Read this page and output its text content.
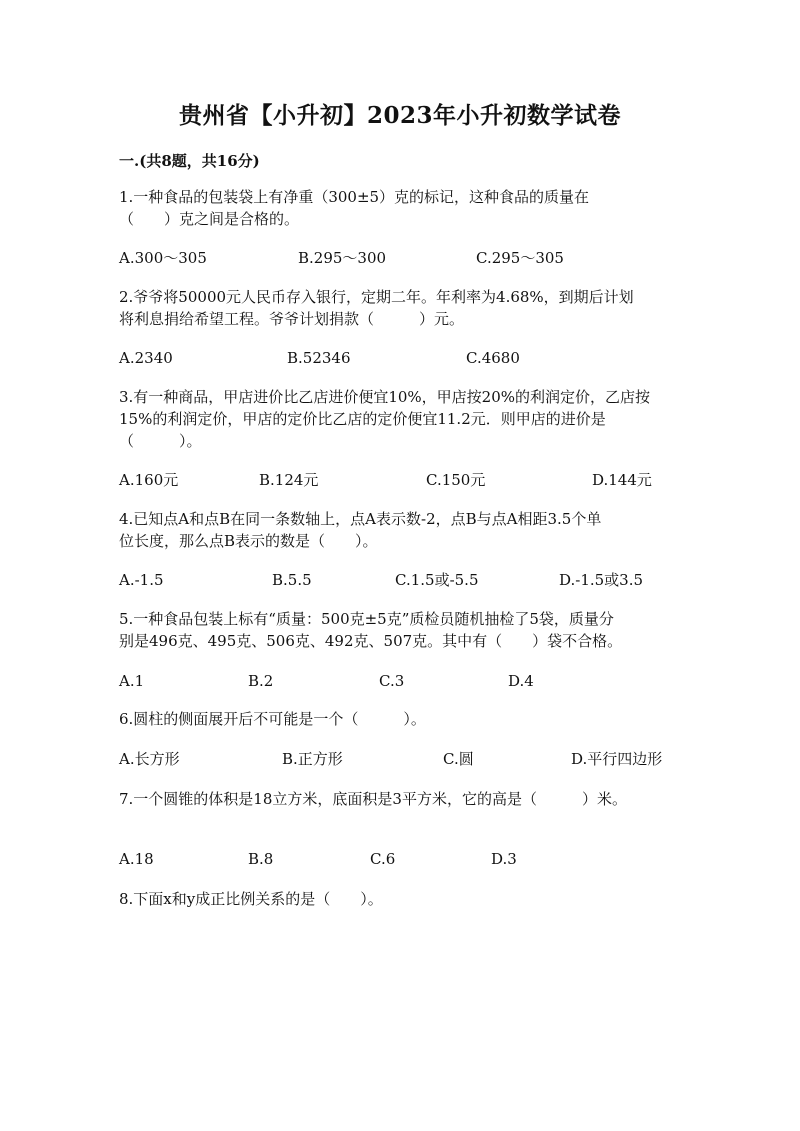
贵州省【小升初】2023年小升初数学试卷
一.(共8题，共16分)
1.一种食品的包装袋上有净重（300±5）克的标记，这种食品的质量在
（　　）克之间是合格的。
A.300～305	B.295～300	C.295～305
2.爷爷将50000元人民币存入银行，定期二年。年利率为4.68%，到期后计划
将利息捐给希望工程。爷爷计划捐款（　　　）元。
A.2340	B.52346	C.4680
3.有一种商品，甲店进价比乙店进价便宜10%，甲店按20%的利润定价，乙店按
15%的利润定价，甲店的定价比乙店的定价便宜11.2元．则甲店的进价是
（　　　）。
A.160元	B.124元	C.150元	D.144元
4.已知点A和点B在同一条数轴上，点A表示数-2，点B与点A相距3.5个单
位长度，那么点B表示的数是（　　）。
A.-1.5	B.5.5	C.1.5或-5.5	D.-1.5或3.5
5.一种食品包装上标有“质量：500克±5克”质检员随机抽检了5袋，质量分
别是496克、495克、506克、492克、507克。其中有（　　）袋不合格。
A.1	B.2	C.3	D.4
6.圆柱的侧面展开后不可能是一个（　　　）。
A.长方形	B.正方形	C.圆	D.平行四边形
7.一个圆锥的体积是18立方米，底面积是3平方米，它的高是（　　　）米。
A.18	B.8	C.6	D.3
8.下面x和y成正比例关系的是（　　）。
